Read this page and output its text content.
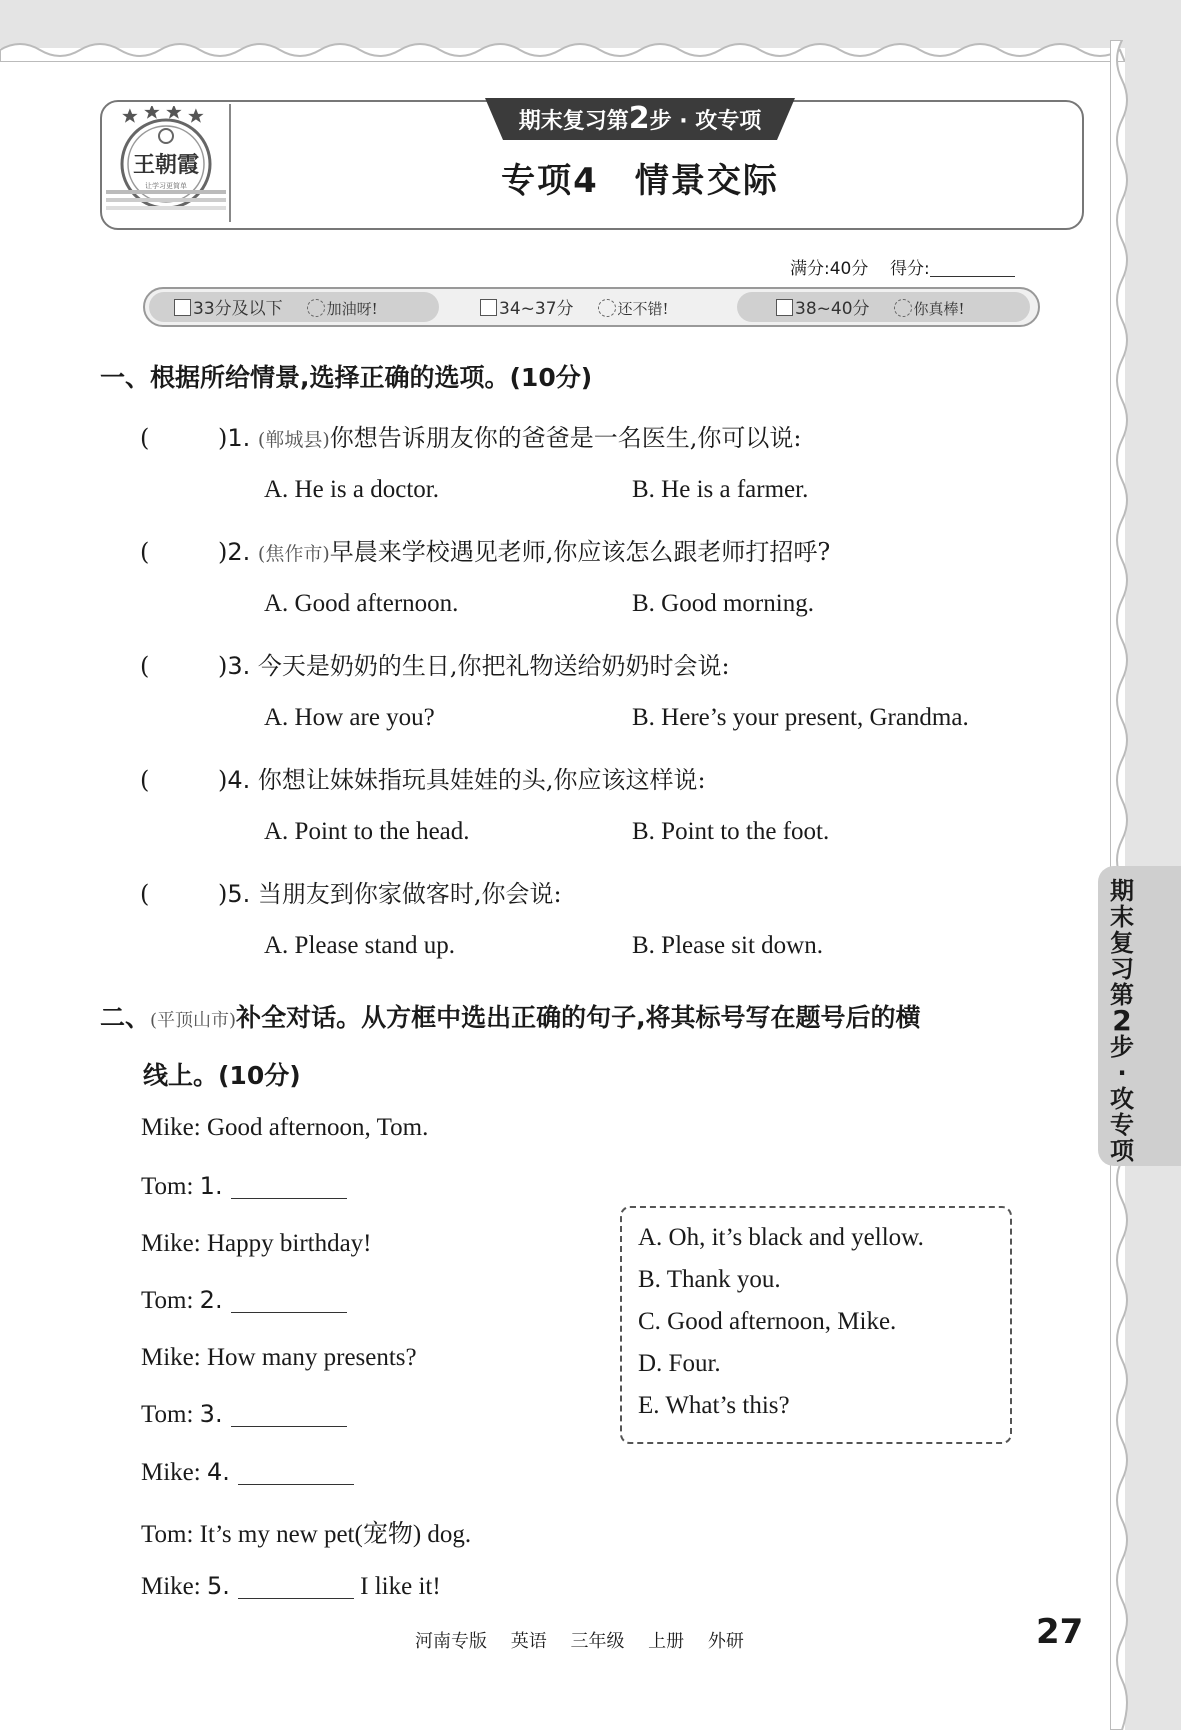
王朝霞
让学习更简单
期末复习第2步 · 攻专项
专项4 情景交际
满分:40分 得分:
33分及以下	加油呀!	34~37分	还不错!	38~40分	你真棒!
一、根据所给情景,选择正确的选项。(10分)
(	)1. (郸城县)你想告诉朋友你的爸爸是一名医生,你可以说:
A. He is a doctor.	B. He is a farmer.
(	)2. (焦作市)早晨来学校遇见老师,你应该怎么跟老师打招呼?
A. Good afternoon.	B. Good morning.
(	)3. 今天是奶奶的生日,你把礼物送给奶奶时会说:
A. How are you?	B. Here’s your present, Grandma.
(	)4. 你想让妹妹指玩具娃娃的头,你应该这样说:
A. Point to the head.	B. Point to the foot.
(	)5. 当朋友到你家做客时,你会说:
A. Please stand up.	B. Please sit down.
二、(平顶山市)补全对话。从方框中选出正确的句子,将其标号写在题号后的横
线上。(10分)
Mike: Good afternoon, Tom.
Tom: 1.
Mike: Happy birthday!
Tom: 2.
Mike: How many presents?
Tom: 3.
Mike: 4.
Tom: It’s my new pet(宠物) dog.
Mike: 5.	I like it!
A. Oh, it’s black and yellow.
B. Thank you.
C. Good afternoon, Mike.
D. Four.
E. What’s this?
期
末
复
习
第
2
步
·
攻
专
项
河南专版 英语 三年级 上册 外研	27
